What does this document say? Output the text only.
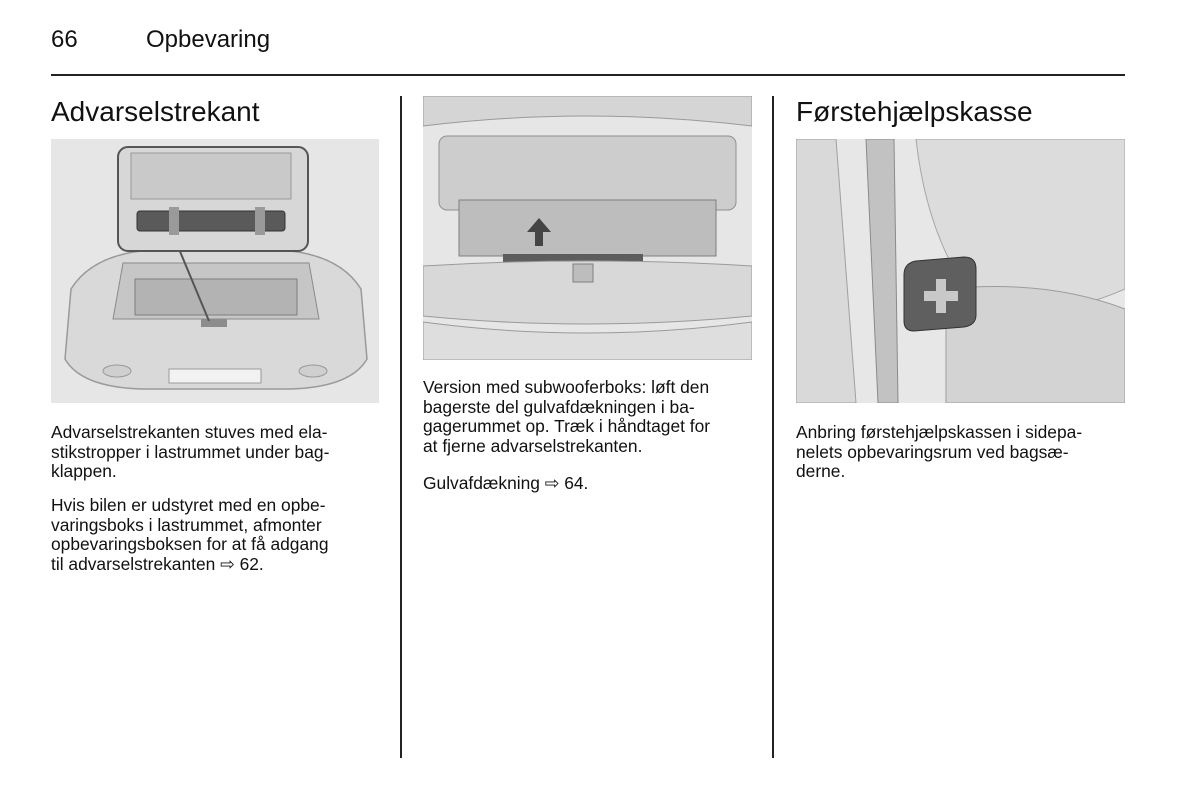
66	Opbevaring
Advarselstrekant

Advarselstrekanten stuves med ela-
stikstropper i lastrummet under bag-
klappen.

Hvis bilen er udstyret med en opbe-
varingsboks i lastrummet, afmonter
opbevaringsboksen for at få adgang
til advarselstrekanten ⇨ 62.

Version med subwooferboks: løft den
bagerste del gulvafdækningen i ba-
gagerummet op. Træk i håndtaget for
at fjerne advarselstrekanten.

Gulvafdækning ⇨ 64.

Førstehjælpskasse

Anbring førstehjælpskassen i sidepa-
nelets opbevaringsrum ved bagsæ-
derne.
